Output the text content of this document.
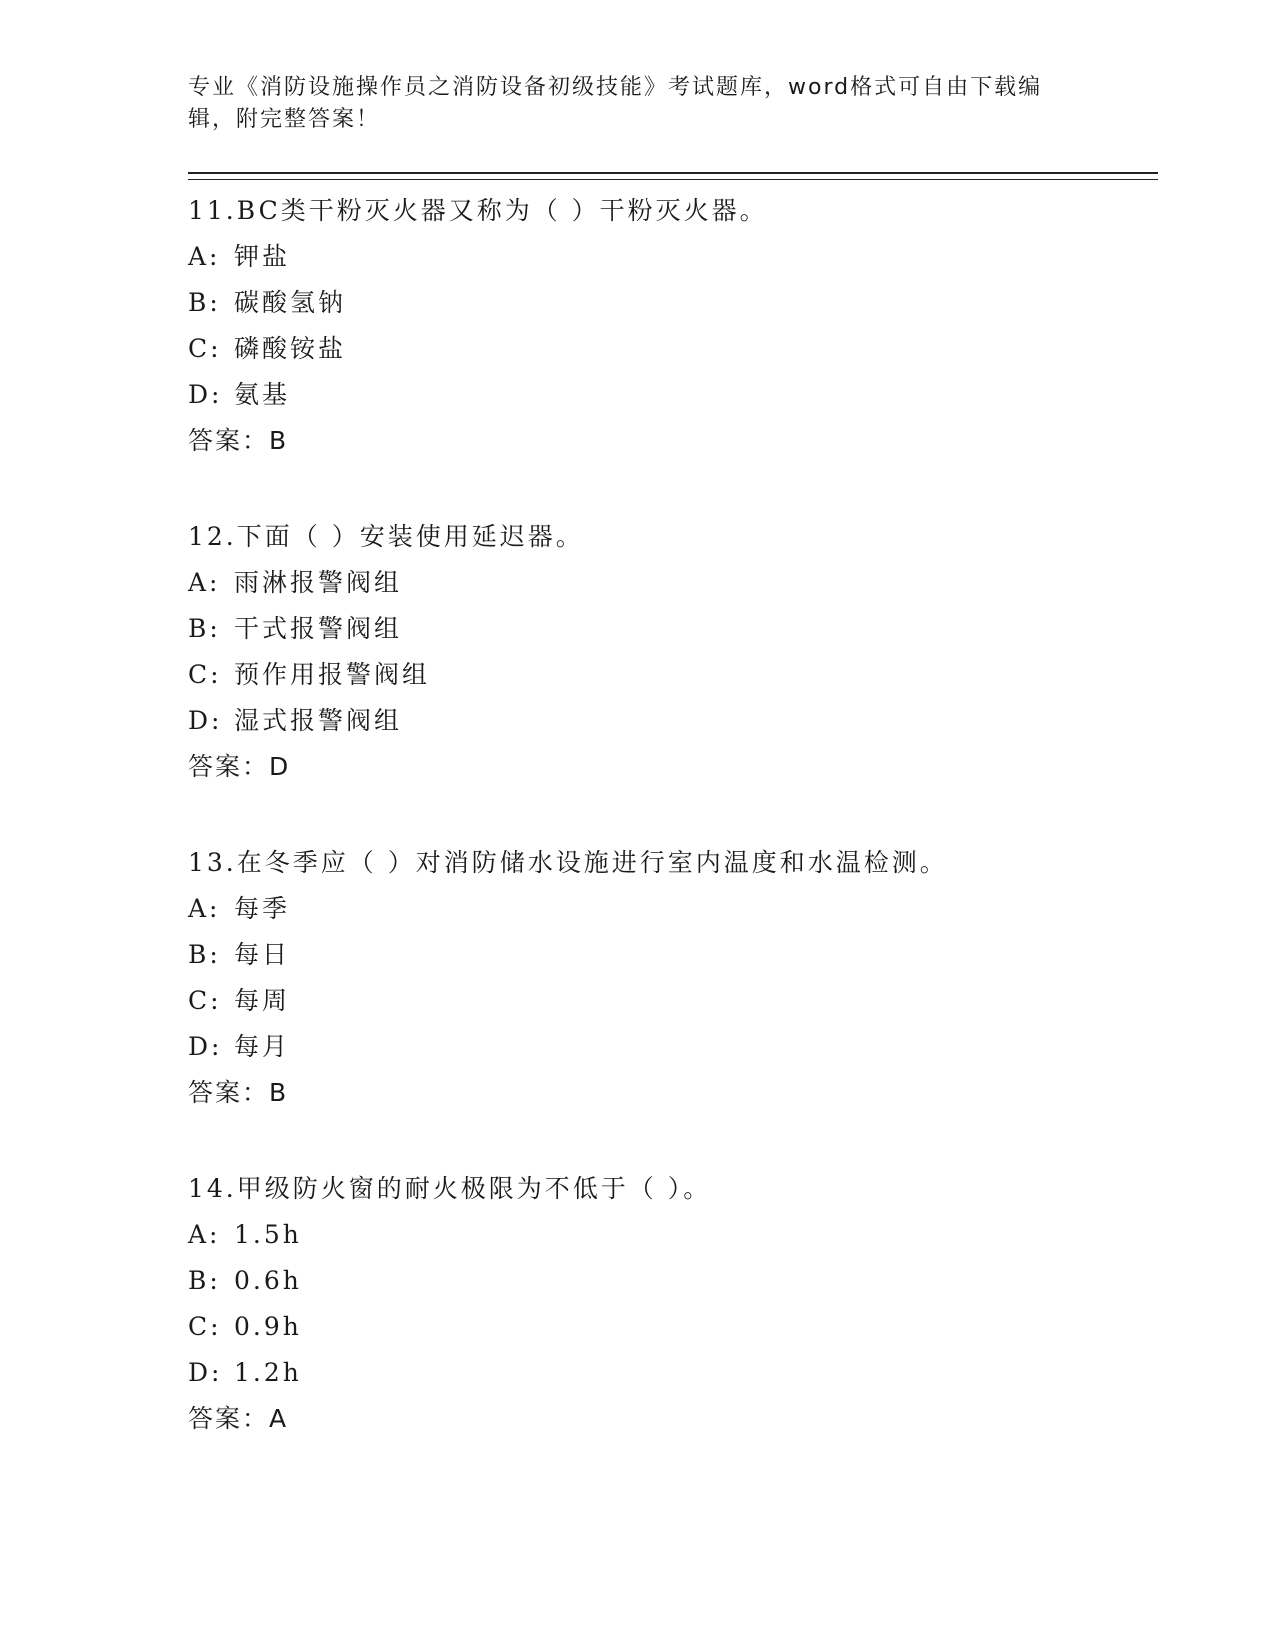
专业《消防设施操作员之消防设备初级技能》考试题库，word格式可自由下载编辑，附完整答案！
11.BC类干粉灭火器又称为（ ）干粉灭火器。
A: 钾盐
B: 碳酸氢钠
C: 磷酸铵盐
D: 氨基
答案：B
12.下面（ ）安装使用延迟器。
A: 雨淋报警阀组
B: 干式报警阀组
C: 预作用报警阀组
D: 湿式报警阀组
答案：D
13.在冬季应（ ）对消防储水设施进行室内温度和水温检测。
A: 每季
B: 每日
C: 每周
D: 每月
答案：B
14.甲级防火窗的耐火极限为不低于（ ）。
A: 1.5h
B: 0.6h
C: 0.9h
D: 1.2h
答案：A
